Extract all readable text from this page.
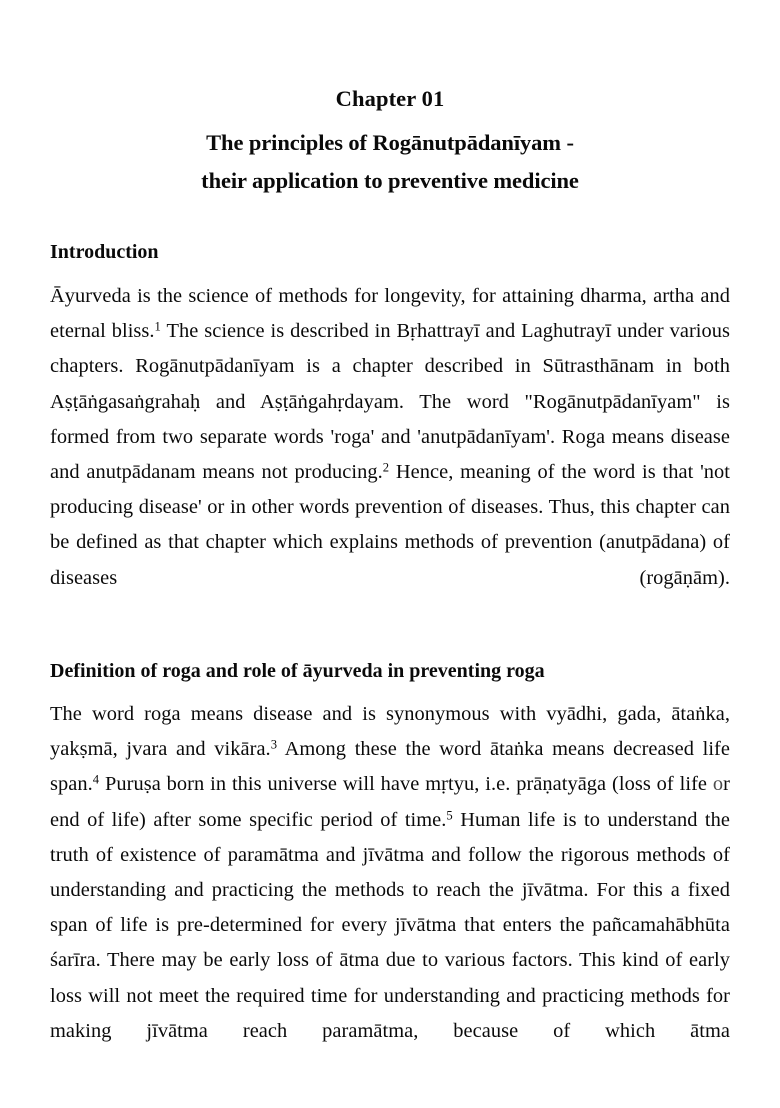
Chapter 01
The principles of Rogānutpādanīyam -
their application to preventive medicine
Introduction

Āyurveda is the science of methods for longevity, for attaining dharma, artha and eternal bliss.$^1$ The science is described in Bṛhattrayī and Laghutrayī under various chapters. Rogānutpādanīyam is a chapter described in Sūtrasthānam in both Aṣṭāṅgasaṅgrahaḥ and Aṣṭāṅgahṛdayam. The word "Rogānutpādanīyam" is formed from two separate words 'roga' and 'anutpādanīyam'. Roga means disease and anutpādanam means not producing.$^2$ Hence, meaning of the word is that 'not producing disease' or in other words prevention of diseases. Thus, this chapter can be defined as that chapter which explains methods of prevention (anutpādana) of diseases (rogāṇām).

Definition of roga and role of āyurveda in preventing roga

The word roga means disease and is synonymous with vyādhi, gada, ātaṅka, yakṣmā, jvara and vikāra.$^3$ Among these the word ātaṅka means decreased life span.$^4$ Puruṣa born in this universe will have mṛtyu, i.e. prāṇatyāga (loss of life or end of life) after some specific period of time.$^5$ Human life is to understand the truth of existence of paramātma and jīvātma and follow the rigorous methods of understanding and practicing the methods to reach the jīvātma. For this a fixed span of life is pre-determined for every jīvātma that enters the pañcamahābhūta śarīra. There may be early loss of ātma due to various factors. This kind of early loss will not meet the required time for understanding and practicing methods for making jīvātma reach paramātma, because of which ātma
